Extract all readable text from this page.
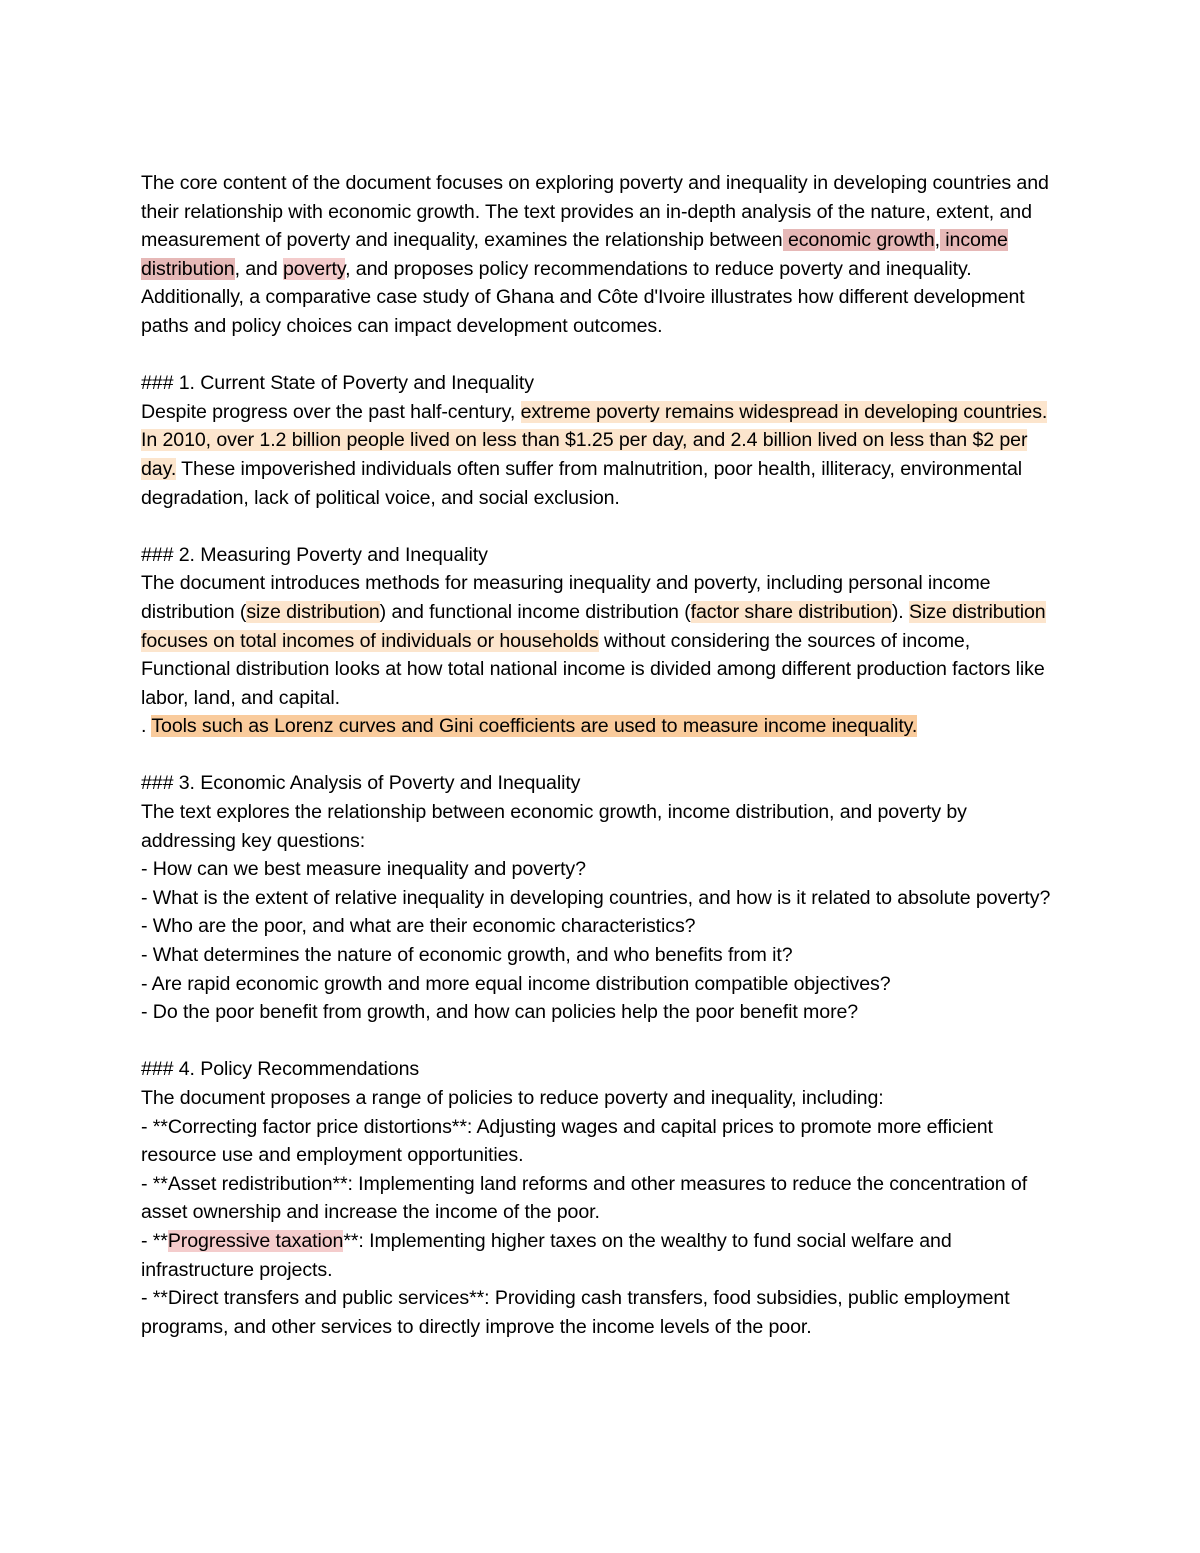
The core content of the document focuses on exploring poverty and inequality in developing countries and their relationship with economic growth. The text provides an in-depth analysis of the nature, extent, and measurement of poverty and inequality, examines the relationship between economic growth, income distribution, and poverty, and proposes policy recommendations to reduce poverty and inequality. Additionally, a comparative case study of Ghana and Côte d'Ivoire illustrates how different development paths and policy choices can impact development outcomes.

### 1. Current State of Poverty and Inequality

Despite progress over the past half-century, extreme poverty remains widespread in developing countries. In 2010, over 1.2 billion people lived on less than $1.25 per day, and 2.4 billion lived on less than $2 per day. These impoverished individuals often suffer from malnutrition, poor health, illiteracy, environmental degradation, lack of political voice, and social exclusion.

### 2. Measuring Poverty and Inequality

The document introduces methods for measuring inequality and poverty, including personal income distribution (size distribution) and functional income distribution (factor share distribution). Size distribution focuses on total incomes of individuals or households without considering the sources of income, Functional distribution looks at how total national income is divided among different production factors like labor, land, and capital.

. Tools such as Lorenz curves and Gini coefficients are used to measure income inequality.

### 3. Economic Analysis of Poverty and Inequality

The text explores the relationship between economic growth, income distribution, and poverty by addressing key questions:

- How can we best measure inequality and poverty?

- What is the extent of relative inequality in developing countries, and how is it related to absolute poverty?

- Who are the poor, and what are their economic characteristics?

- What determines the nature of economic growth, and who benefits from it?

- Are rapid economic growth and more equal income distribution compatible objectives?

- Do the poor benefit from growth, and how can policies help the poor benefit more?

### 4. Policy Recommendations

The document proposes a range of policies to reduce poverty and inequality, including:

- **Correcting factor price distortions**: Adjusting wages and capital prices to promote more efficient resource use and employment opportunities.

- **Asset redistribution**: Implementing land reforms and other measures to reduce the concentration of asset ownership and increase the income of the poor.

- **Progressive taxation**: Implementing higher taxes on the wealthy to fund social welfare and infrastructure projects.

- **Direct transfers and public services**: Providing cash transfers, food subsidies, public employment programs, and other services to directly improve the income levels of the poor.
